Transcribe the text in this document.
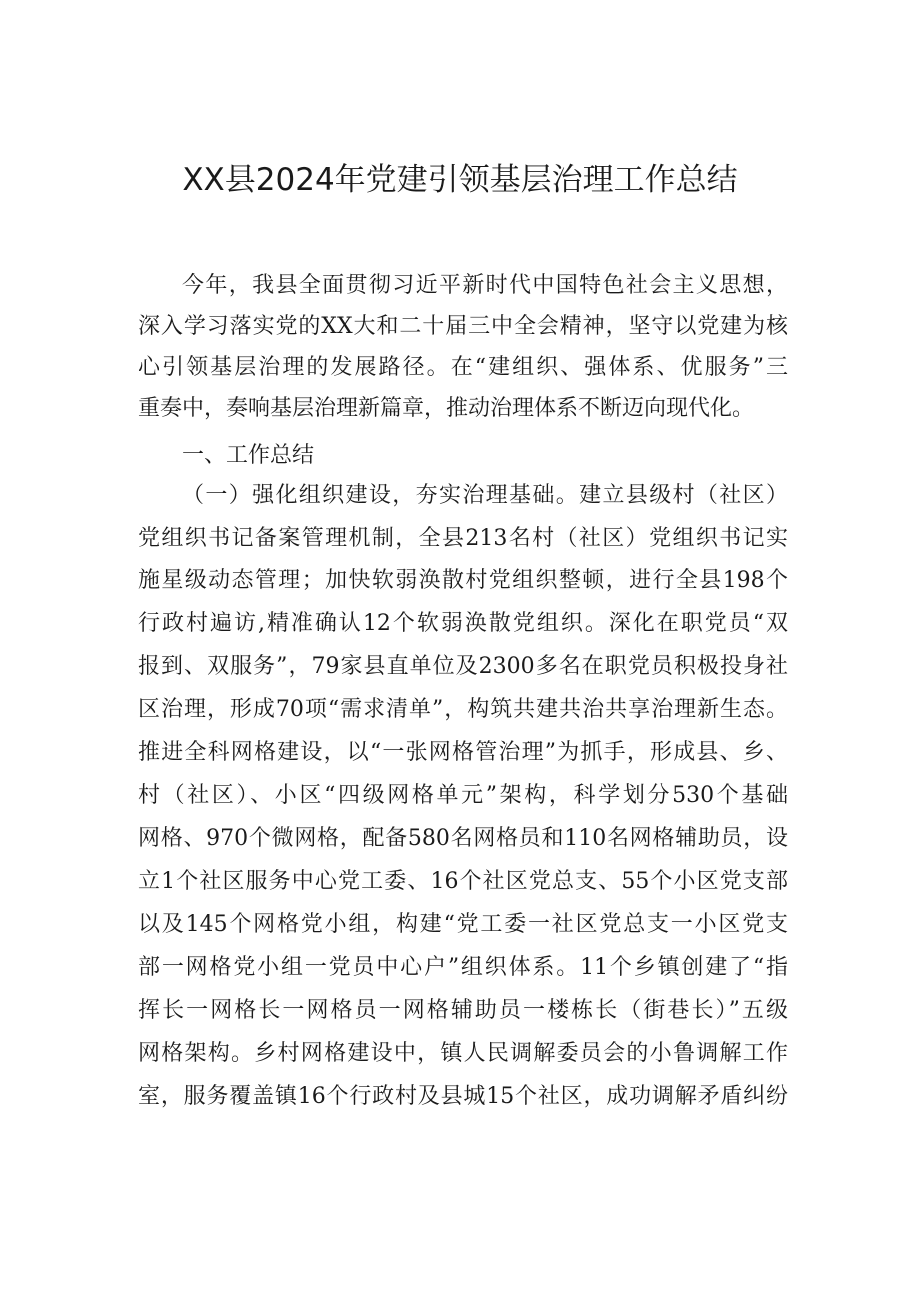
XX县2024年党建引领基层治理工作总结
今年，我县全面贯彻习近平新时代中国特色社会主义思想，
深入学习落实党的XX大和二十届三中全会精神，坚守以党建为核
心引领基层治理的发展路径。在“建组织、强体系、优服务”三
重奏中，奏响基层治理新篇章，推动治理体系不断迈向现代化。
一、工作总结
（一）强化组织建设，夯实治理基础。建立县级村（社区）
党组织书记备案管理机制，全县213名村（社区）党组织书记实
施星级动态管理；加快软弱涣散村党组织整顿，进行全县198个
行政村遍访,精准确认12个软弱涣散党组织。深化在职党员“双
报到、双服务”，79家县直单位及2300多名在职党员积极投身社
区治理，形成70项“需求清单”，构筑共建共治共享治理新生态。
推进全科网格建设，以“一张网格管治理”为抓手，形成县、乡、
村（社区）、小区“四级网格单元”架构，科学划分530个基础
网格、970个微网格，配备580名网格员和110名网格辅助员，设
立1个社区服务中心党工委、16个社区党总支、55个小区党支部
以及145个网格党小组，构建“党工委一社区党总支一小区党支
部一网格党小组一党员中心户”组织体系。11个乡镇创建了“指
挥长一网格长一网格员一网格辅助员一楼栋长（街巷长）”五级
网格架构。乡村网格建设中，镇人民调解委员会的小鲁调解工作
室，服务覆盖镇16个行政村及县城15个社区，成功调解矛盾纠纷
